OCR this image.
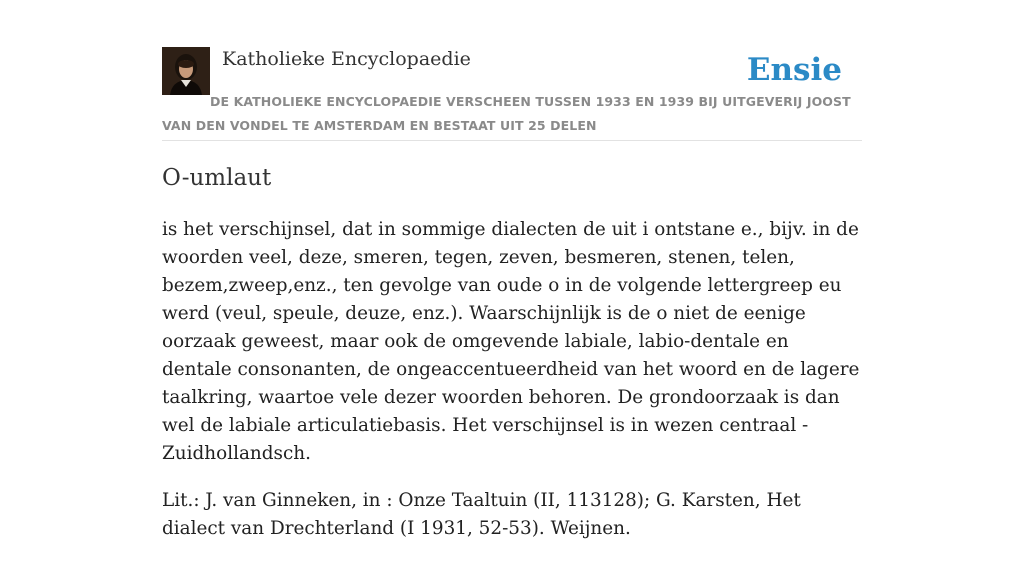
Katholieke Encyclopaedie	Ensie
DE KATHOLIEKE ENCYCLOPAEDIE VERSCHEEN TUSSEN 1933 EN 1939 BIJ UITGEVERIJ JOOST VAN DEN VONDEL TE AMSTERDAM EN BESTAAT UIT 25 DELEN
O-umlaut

is het verschijnsel, dat in sommige dialecten de uit i ontstane e., bijv. in de woorden veel, deze, smeren, tegen, zeven, besmeren, stenen, telen, bezem,zweep,enz., ten gevolge van oude o in de volgende lettergreep eu werd (veul, speule, deuze, enz.). Waarschijnlijk is de o niet de eenige oorzaak geweest, maar ook de omgevende labiale, labio-dentale en dentale consonanten, de ongeaccentueerdheid van het woord en de lagere taalkring, waartoe vele dezer woorden behoren. De grondoorzaak is dan wel de labiale articulatiebasis. Het verschijnsel is in wezen centraal -Zuidhollandsch.

Lit.: J. van Ginneken, in : Onze Taaltuin (II, 113128); G. Karsten, Het dialect van Drechterland (I 1931, 52-53). Weijnen.
